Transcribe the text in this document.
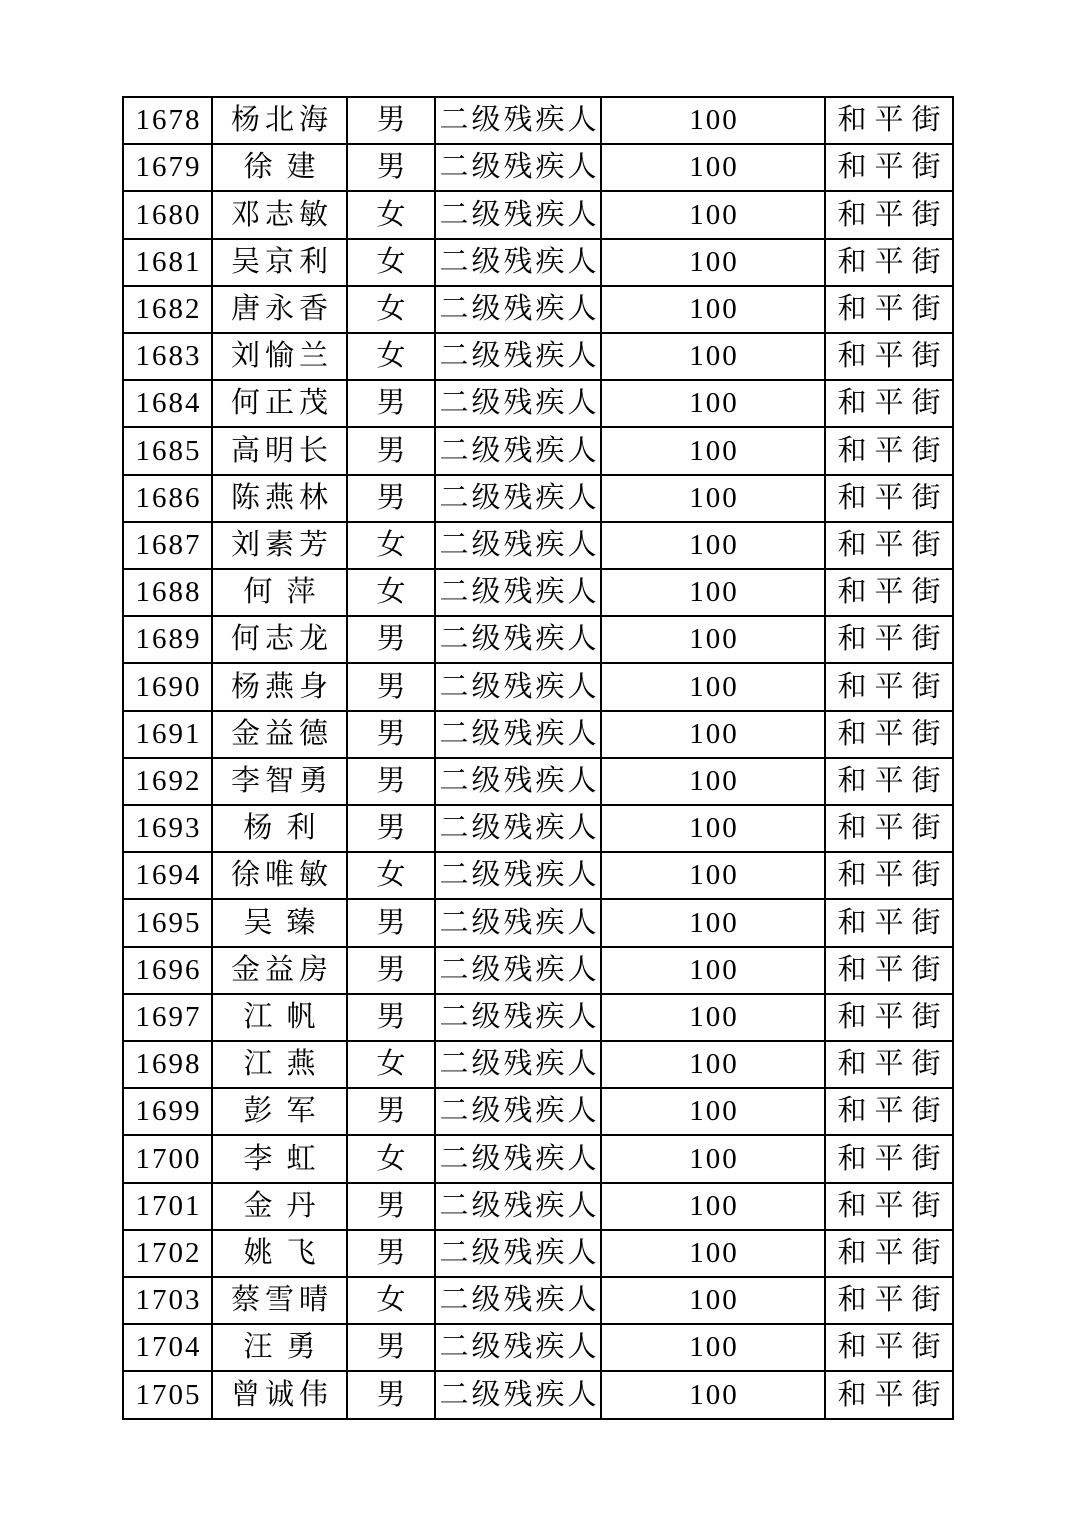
1678	杨北海	男	二级残疾人	100	和平街
1679	徐建	男	二级残疾人	100	和平街
1680	邓志敏	女	二级残疾人	100	和平街
1681	吴京利	女	二级残疾人	100	和平街
1682	唐永香	女	二级残疾人	100	和平街
1683	刘愉兰	女	二级残疾人	100	和平街
1684	何正茂	男	二级残疾人	100	和平街
1685	高明长	男	二级残疾人	100	和平街
1686	陈燕林	男	二级残疾人	100	和平街
1687	刘素芳	女	二级残疾人	100	和平街
1688	何萍	女	二级残疾人	100	和平街
1689	何志龙	男	二级残疾人	100	和平街
1690	杨燕身	男	二级残疾人	100	和平街
1691	金益德	男	二级残疾人	100	和平街
1692	李智勇	男	二级残疾人	100	和平街
1693	杨利	男	二级残疾人	100	和平街
1694	徐唯敏	女	二级残疾人	100	和平街
1695	吴臻	男	二级残疾人	100	和平街
1696	金益房	男	二级残疾人	100	和平街
1697	江帆	男	二级残疾人	100	和平街
1698	江燕	女	二级残疾人	100	和平街
1699	彭军	男	二级残疾人	100	和平街
1700	李虹	女	二级残疾人	100	和平街
1701	金丹	男	二级残疾人	100	和平街
1702	姚飞	男	二级残疾人	100	和平街
1703	蔡雪晴	女	二级残疾人	100	和平街
1704	汪勇	男	二级残疾人	100	和平街
1705	曾诚伟	男	二级残疾人	100	和平街
